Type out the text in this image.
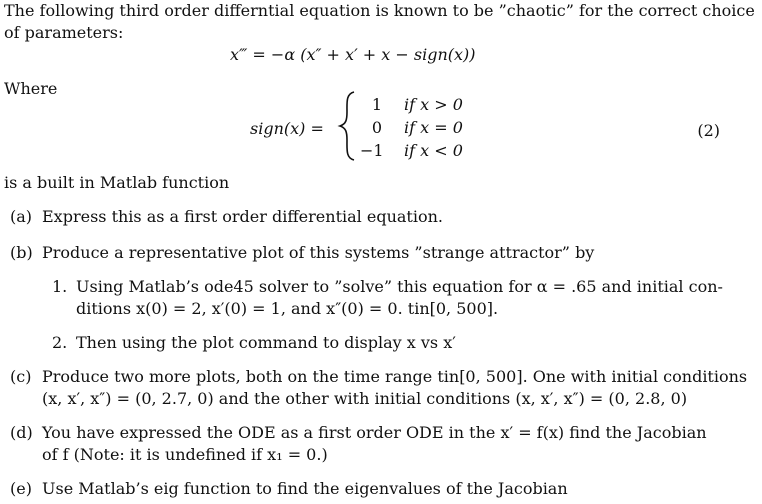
The following third order differntial equation is known to be ”chaotic” for the correct choice
of parameters:
x‴ = −α (x″ + x′ + x − sign(x))
Where
sign(x) =
1 if x > 0
0 if x = 0
−1 if x < 0
(2)
is a built in Matlab function
(a) Express this as a first order differential equation.
(b) Produce a representative plot of this systems ”strange attractor” by
1. Using Matlab’s ode45 solver to ”solve” this equation for α = .65 and initial con-
ditions x(0) = 2, x′(0) = 1, and x″(0) = 0. tin[0, 500].
2. Then using the plot command to display x vs x′
(c) Produce two more plots, both on the time range tin[0, 500]. One with initial conditions
(x, x′, x″) = (0, 2.7, 0) and the other with initial conditions (x, x′, x″) = (0, 2.8, 0)
(d) You have expressed the ODE as a first order ODE in the x′ = f(x) find the Jacobian
of f (Note: it is undefined if x₁ = 0.)
(e) Use Matlab’s eig function to find the eigenvalues of the Jacobian
